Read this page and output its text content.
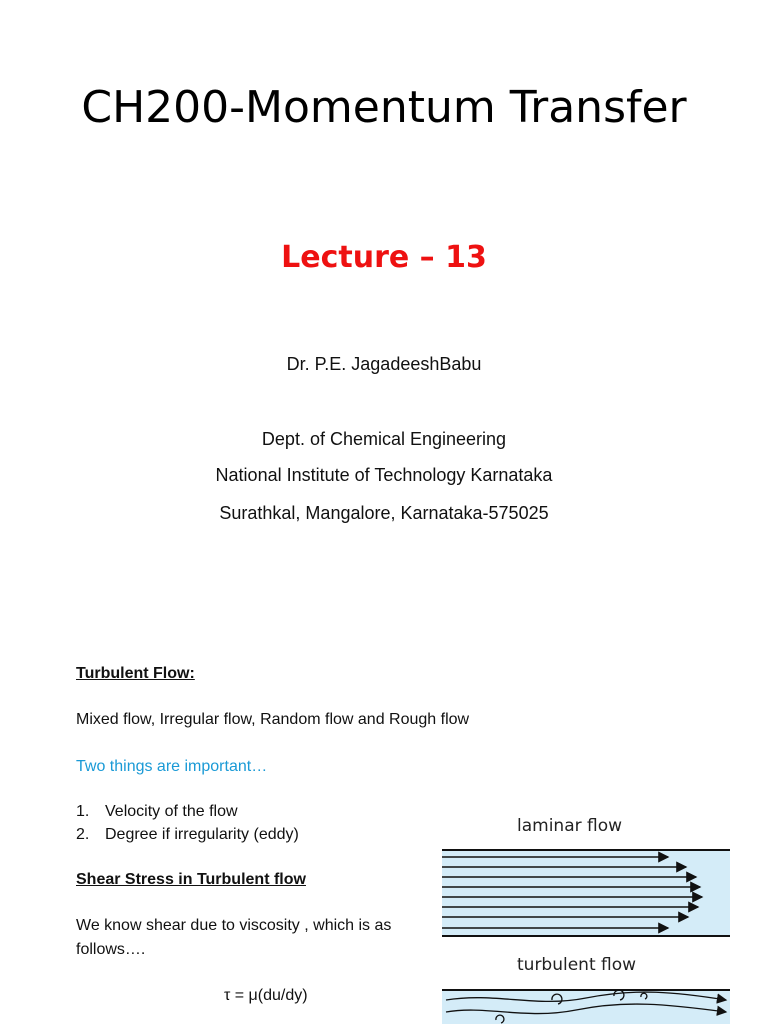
CH200-Momentum Transfer
Lecture – 13
Dr. P.E. JagadeeshBabu
Dept. of Chemical Engineering
National Institute of Technology Karnataka
Surathkal, Mangalore, Karnataka-575025
Turbulent Flow:
Mixed flow, Irregular flow, Random flow and Rough flow
Two things are important…
1. Velocity of the flow
2. Degree if irregularity (eddy)
Shear Stress in Turbulent flow
We know shear due to viscosity , which is as
follows….
τ = μ(du/dy)
laminar flow
turbulent flow
